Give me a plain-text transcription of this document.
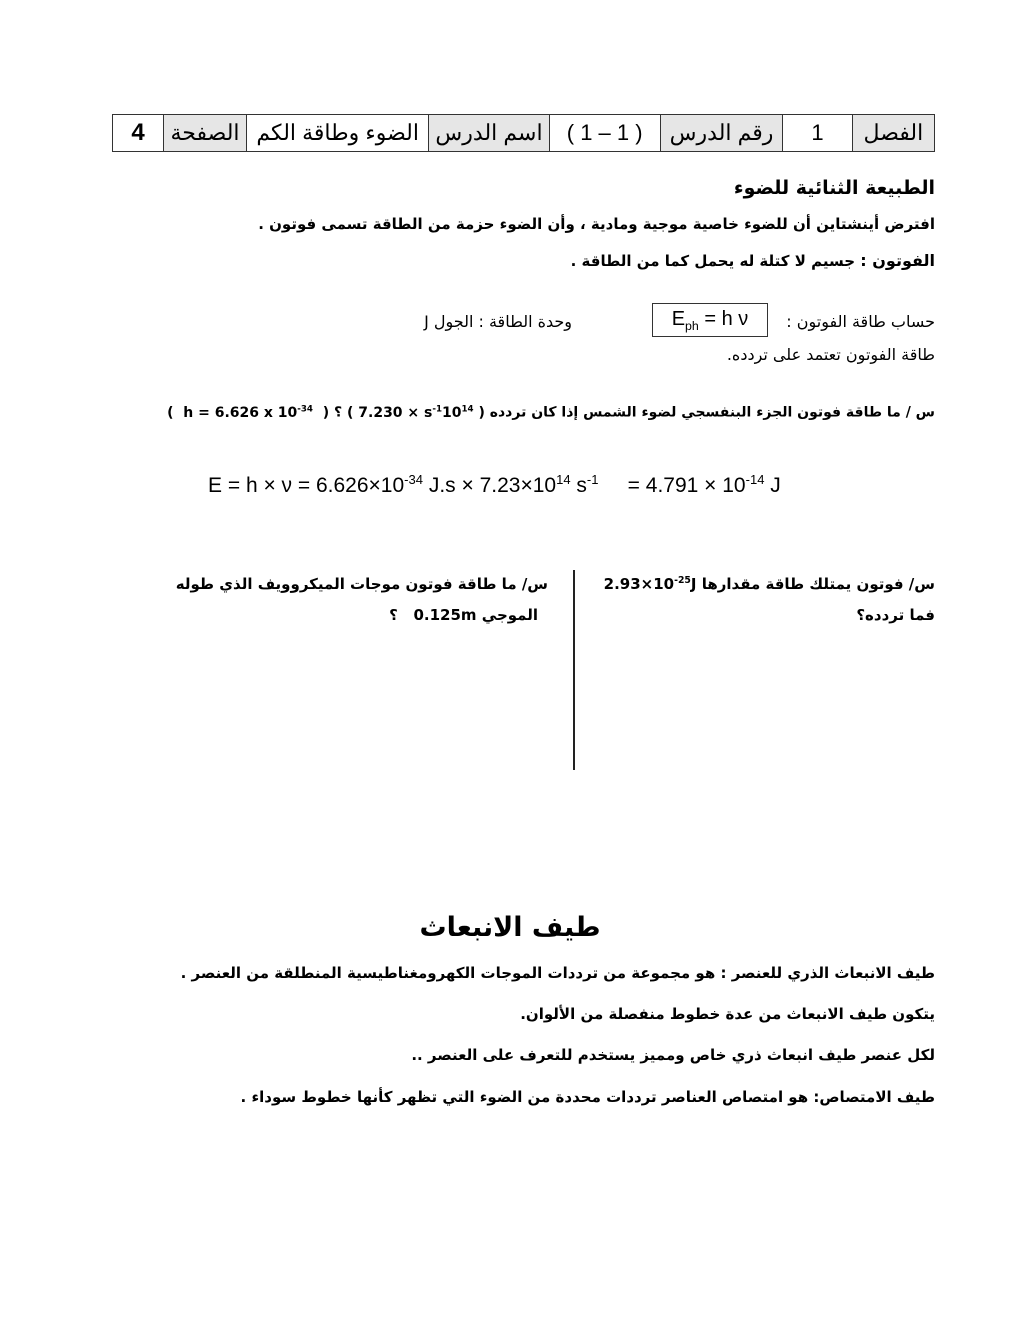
الفصل	1	رقم الدرس	( 1 – 1 )	اسم الدرس	الضوء وطاقة الكم	الصفحة	4
الطبيعة الثنائية للضوء
افترض أينشتاين أن للضوء خاصية موجية ومادية ، وأن الضوء حزمة من الطاقة تسمى فوتون .
الفوتون : جسيم لا كتلة له يحمل كما من الطاقة .
حساب طاقة الفوتون :
$E_{ph} = h$ ν
وحدة الطاقة : الجول J
طاقة الفوتون تعتمد على تردده.
س / ما طاقة فوتون الجزء البنفسجي لضوء الشمس إذا كان تردده ( $7.230 \times s^{-1}10^{14}$ ) ؟ (  h = 6.626 x $10^{-34}$  )
$E = h \times \nu = 6.626\times 10^{-34}$ $J.s \times 7.23\times 10^{14}$ $s^{-1}$     = $4.791 \times 10^{-14}$ J
س/ فوتون يمتلك طاقة مقدارها  $2.93\times 10^{-25}J$
فما تردده؟
س/ ما طاقة فوتون موجات الميكروويف الذي طوله
الموجي 0.125m   ؟
طيف الانبعاث
طيف الانبعاث الذري للعنصر : هو مجموعة من ترددات الموجات الكهرومغناطيسية المنطلقة من العنصر .
يتكون طيف الانبعاث من عدة خطوط منفصلة من الألوان.
لكل عنصر طيف انبعاث ذري خاص ومميز يستخدم للتعرف على العنصر ..
طيف الامتصاص: هو امتصاص العناصر ترددات محددة من الضوء التي تظهر كأنها خطوط سوداء .
